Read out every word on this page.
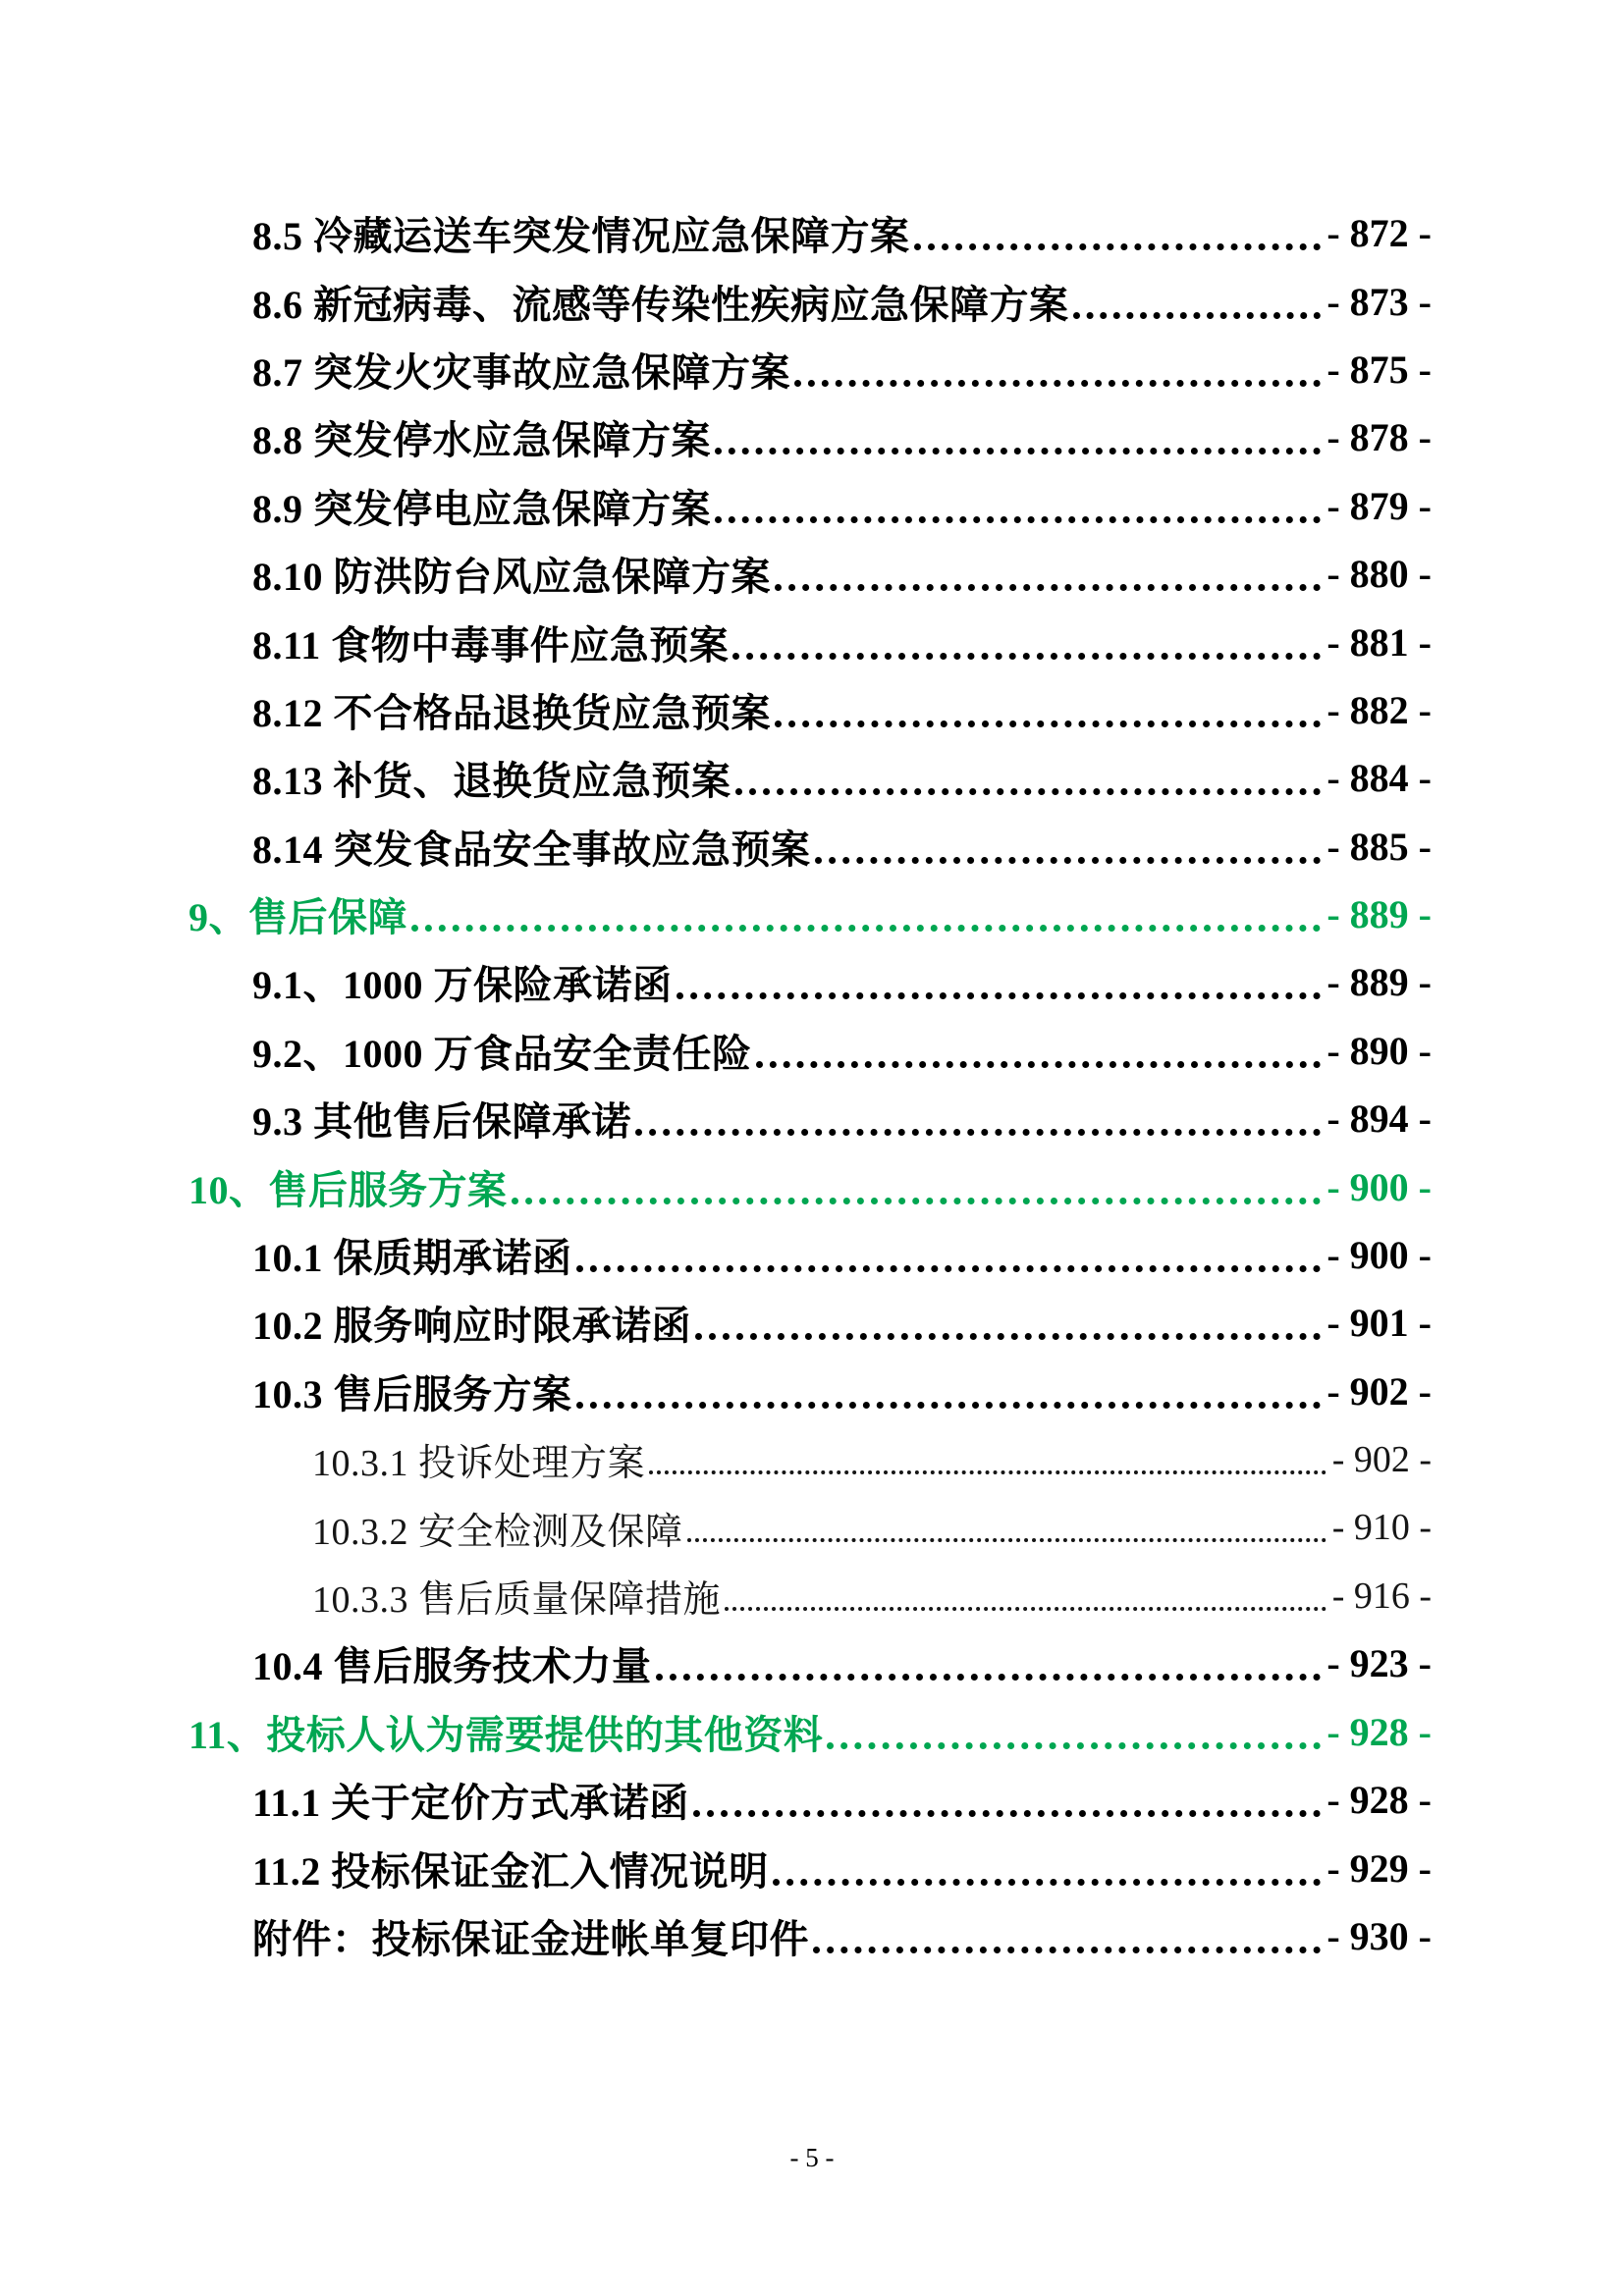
8.5 冷藏运送车突发情况应急保障方案	- 872 -
8.6 新冠病毒、流感等传染性疾病应急保障方案	- 873 -
8.7 突发火灾事故应急保障方案	- 875 -
8.8 突发停水应急保障方案	- 878 -
8.9 突发停电应急保障方案	- 879 -
8.10 防洪防台风应急保障方案	- 880 -
8.11 食物中毒事件应急预案	- 881 -
8.12 不合格品退换货应急预案	- 882 -
8.13 补货、退换货应急预案	- 884 -
8.14 突发食品安全事故应急预案	- 885 -
9、售后保障	- 889 -
9.1、1000 万保险承诺函	- 889 -
9.2、1000 万食品安全责任险	- 890 -
9.3 其他售后保障承诺	- 894 -
10、售后服务方案	- 900 -
10.1 保质期承诺函	- 900 -
10.2 服务响应时限承诺函	- 901 -
10.3 售后服务方案	- 902 -
10.3.1 投诉处理方案	- 902 -
10.3.2 安全检测及保障	- 910 -
10.3.3 售后质量保障措施	- 916 -
10.4 售后服务技术力量	- 923 -
11、投标人认为需要提供的其他资料	- 928 -
11.1 关于定价方式承诺函	- 928 -
11.2 投标保证金汇入情况说明	- 929 -
附件：投标保证金进帐单复印件	- 930 -
- 5 -
